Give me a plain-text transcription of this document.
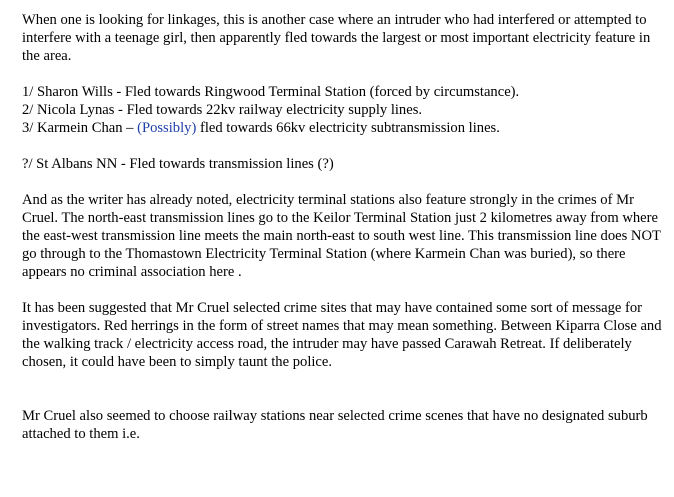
When one is looking for linkages, this is another case where an intruder who had interfered or attempted to interfere with a teenage girl, then apparently fled towards the largest or most important electricity feature in the area.

1/ Sharon Wills - Fled towards Ringwood Terminal Station (forced by circumstance).

2/ Nicola Lynas - Fled towards 22kv railway electricity supply lines.

3/ Karmein Chan – (Possibly) fled towards 66kv electricity subtransmission lines.

?/ St Albans NN - Fled towards transmission lines (?)

And as the writer has already noted, electricity terminal stations also feature strongly in the crimes of Mr Cruel. The north-east transmission lines go to the Keilor Terminal Station just 2 kilometres away from where the east-west transmission line meets the main north-east to south west line. This transmission line does NOT go through to the Thomastown Electricity Terminal Station (where Karmein Chan was buried), so there appears no criminal association here .

It has been suggested that Mr Cruel selected crime sites that may have contained some sort of message for investigators. Red herrings in the form of street names that may mean something. Between Kiparra Close and the walking track / electricity access road, the intruder may have passed Carawah Retreat. If deliberately chosen, it could have been to simply taunt the police.

Mr Cruel also seemed to choose railway stations near selected crime scenes that have no designated suburb attached to them i.e.
